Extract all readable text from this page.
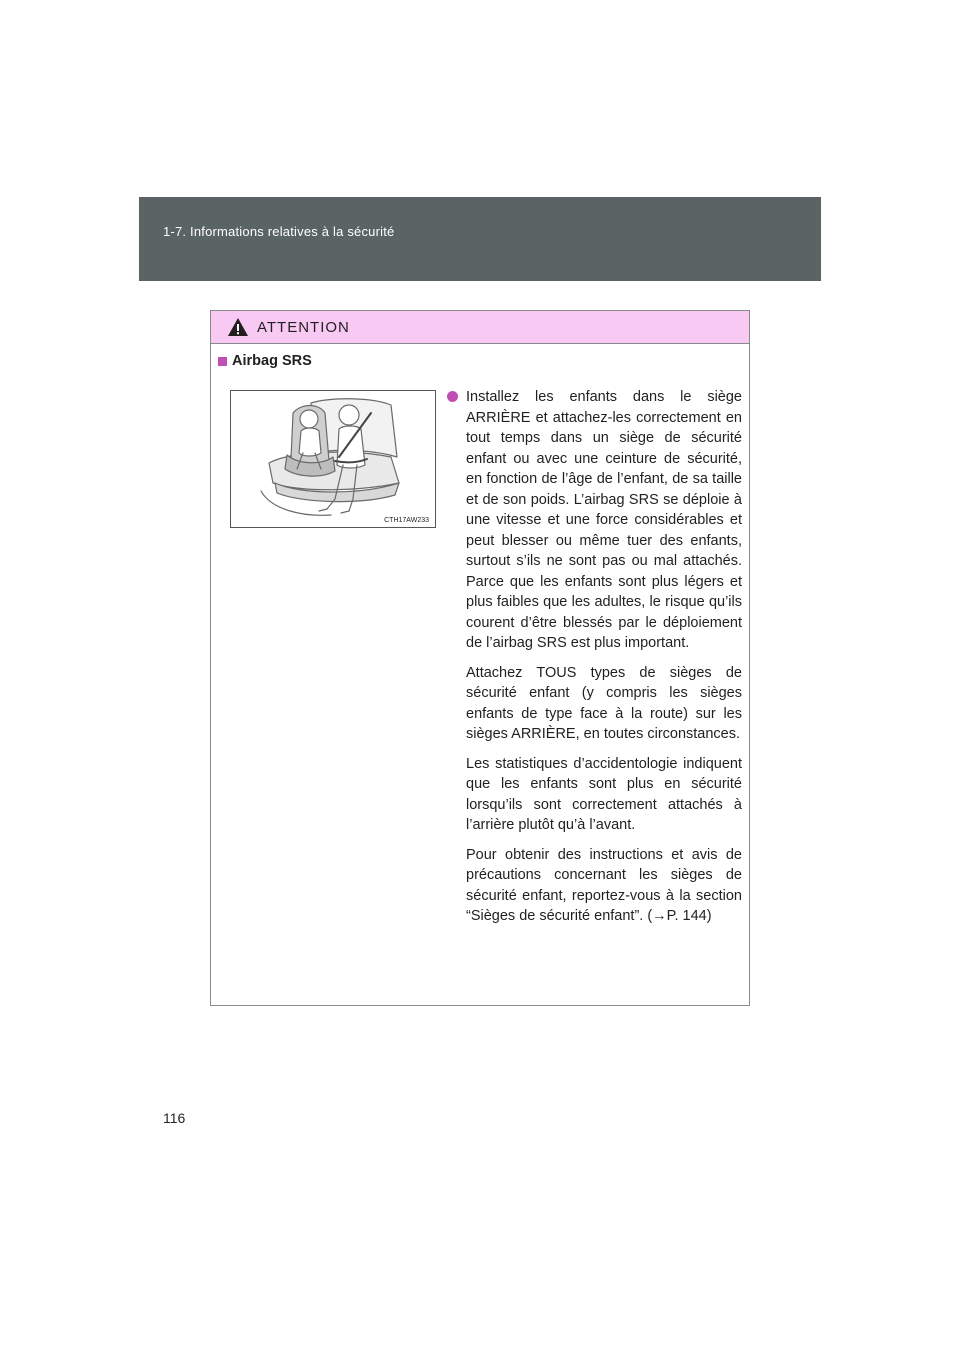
1-7. Informations relatives à la sécurité
ATTENTION
Airbag SRS
CTH17AW233

Installez les enfants dans le siège ARRIÈRE et attachez-les correctement en tout temps dans un siège de sécurité enfant ou avec une ceinture de sécurité, en fonction de l’âge de l’enfant, de sa taille et de son poids. L’airbag SRS se déploie à une vitesse et une force considérables et peut blesser ou même tuer des enfants, surtout s’ils ne sont pas ou mal attachés. Parce que les enfants sont plus légers et plus faibles que les adultes, le risque qu’ils courent d’être blessés par le déploiement de l’airbag SRS est plus important.

Attachez TOUS types de sièges de sécurité enfant (y compris les sièges enfants de type face à la route) sur les sièges ARRIÈRE, en toutes circonstances.

Les statistiques d’accidentologie indiquent que les enfants sont plus en sécurité lorsqu’ils sont correctement attachés à l’arrière plutôt qu’à l’avant.

Pour obtenir des instructions et avis de précautions concernant les sièges de sécurité enfant, reportez-vous à la section “Sièges de sécurité enfant”. (→P. 144)

116
